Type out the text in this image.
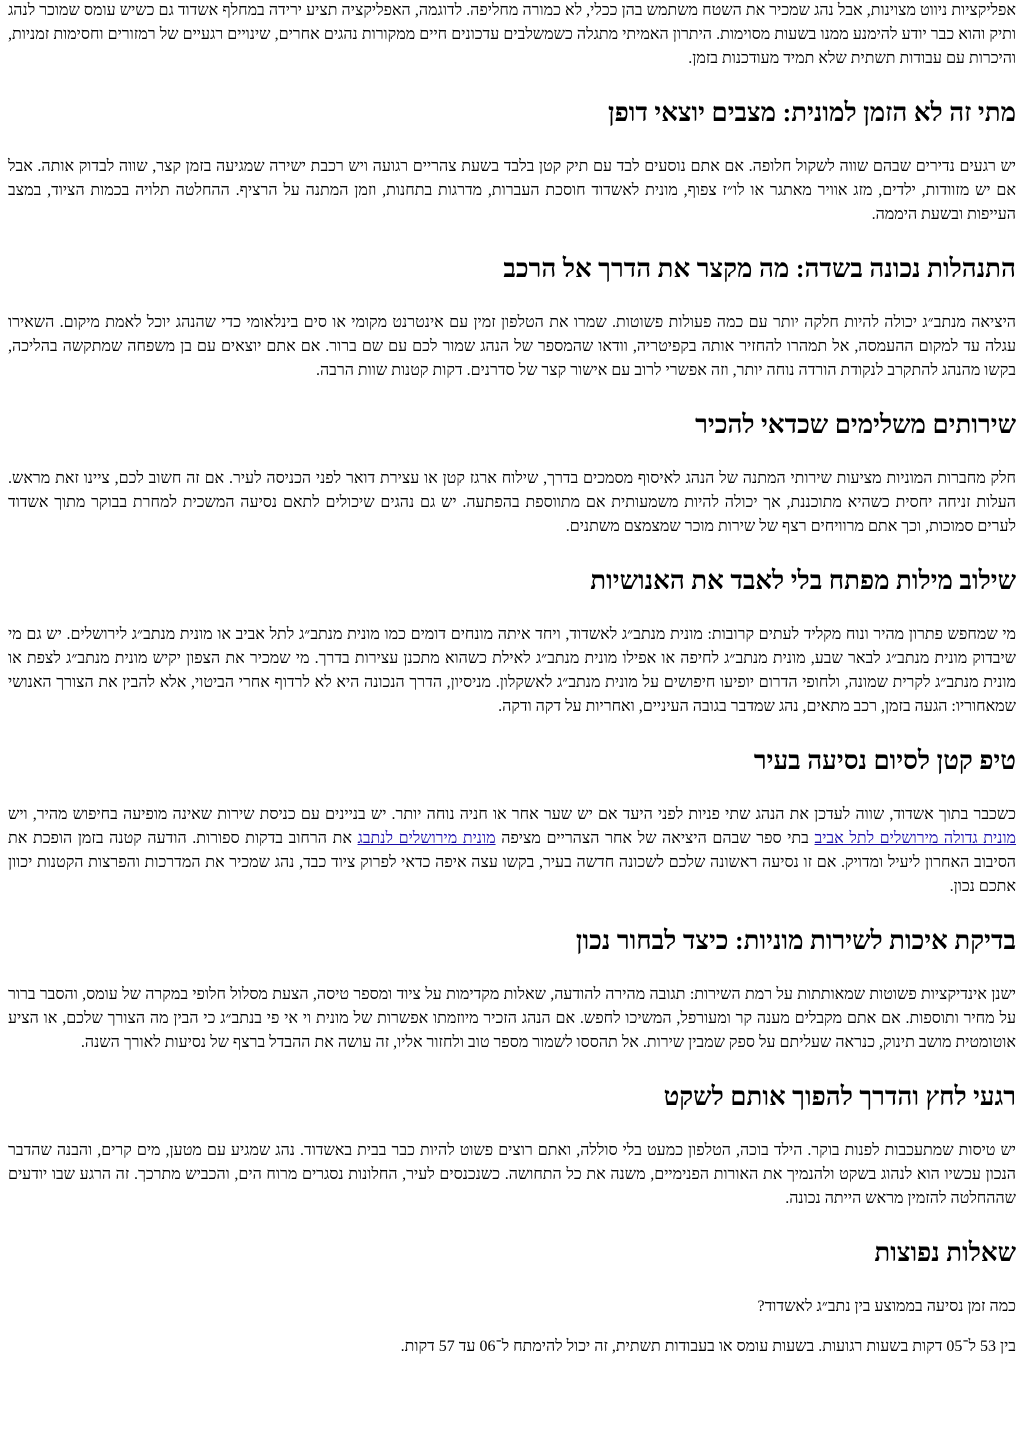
אפליקציות ניווט מצוינות, אבל נהג שמכיר את השטח משתמש בהן ככלי, לא כמורה מחליפה. לדוגמה, האפליקציה תציע ירידה במחלף אשדוד גם כשיש עומס שמוכר לנהג ותיק והוא כבר יודע להימנע ממנו בשעות מסוימות. היתרון האמיתי מתגלה כשמשלבים עדכונים חיים ממקורות נהגים אחרים, שינויים רגעיים של רמזורים וחסימות זמניות, והיכרות עם עבודות תשתית שלא תמיד מעודכנות בזמן.

מתי זה לא הזמן למונית: מצבים יוצאי דופן

יש רגעים נדירים שבהם שווה לשקול חלופה. אם אתם נוסעים לבד עם תיק קטן בלבד בשעת צהריים רגועה ויש רכבת ישירה שמגיעה בזמן קצר, שווה לבדוק אותה. אבל אם יש מזוודות, ילדים, מזג אוויר מאתגר או לו״ז צפוף, מונית לאשדוד חוסכת העברות, מדרגות בתחנות, וזמן המתנה על הרציף. ההחלטה תלויה בכמות הציוד, במצב העייפות ובשעת היממה.

התנהלות נכונה בשדה: מה מקצר את הדרך אל הרכב

היציאה מנתב״ג יכולה להיות חלקה יותר עם כמה פעולות פשוטות. שמרו את הטלפון זמין עם אינטרנט מקומי או סים בינלאומי כדי שהנהג יוכל לאמת מיקום. השאירו עגלה עד למקום ההעמסה, אל תמהרו להחזיר אותה בקפיטריה, וודאו שהמספר של הנהג שמור לכם עם שם ברור. אם אתם יוצאים עם בן משפחה שמתקשה בהליכה, בקשו מהנהג להתקרב לנקודת הורדה נוחה יותר, וזה אפשרי לרוב עם אישור קצר של סדרנים. דקות קטנות שוות הרבה.

שירותים משלימים שכדאי להכיר

חלק מחברות המוניות מציעות שירותי המתנה של הנהג לאיסוף מסמכים בדרך, שילוח ארגז קטן או עצירת דואר לפני הכניסה לעיר. אם זה חשוב לכם, ציינו זאת מראש. העלות זניחה יחסית כשהיא מתוכננת, אך יכולה להיות משמעותית אם מתווספת בהפתעה. יש גם נהגים שיכולים לתאם נסיעה המשכית למחרת בבוקר מתוך אשדוד לערים סמוכות, וכך אתם מרוויחים רצף של שירות מוכר שמצמצם משתנים.

שילוב מילות מפתח בלי לאבד את האנושיות

מי שמחפש פתרון מהיר ונוח מקליד לעתים קרובות: מונית מנתב״ג לאשדוד, ויחד איתה מונחים דומים כמו מונית מנתב״ג לתל אביב או מונית מנתב״ג לירושלים. יש גם מי שיבדוק מונית מנתב״ג לבאר שבע, מונית מנתב״ג לחיפה או אפילו מונית מנתב״ג לאילת כשהוא מתכנן עצירות בדרך. מי שמכיר את הצפון יקיש מונית מנתב״ג לצפת או מונית מנתב״ג לקרית שמונה, ולחופי הדרום יופיעו חיפושים על מונית מנתב״ג לאשקלון. מניסיון, הדרך הנכונה היא לא לרדוף אחרי הביטוי, אלא להבין את הצורך האנושי שמאחוריו: הגעה בזמן, רכב מתאים, נהג שמדבר בגובה העיניים, ואחריות על דקה ודקה.

טיפ קטן לסיום נסיעה בעיר

כשכבר בתוך אשדוד, שווה לעדכן את הנהג שתי פניות לפני היעד אם יש שער אחר או חניה נוחה יותר. יש בניינים עם כניסת שירות שאינה מופיעה בחיפוש מהיר, ויש מונית גדולה מירושלים לתל אביב בתי ספר שבהם היציאה של אחר הצהריים מציפה מונית מירושלים לנתבג את הרחוב בדקות ספורות. הודעה קטנה בזמן הופכת את הסיבוב האחרון ליעיל ומדויק. אם זו נסיעה ראשונה שלכם לשכונה חדשה בעיר, בקשו עצה איפה כדאי לפרוק ציוד כבד, נהג שמכיר את המדרכות והפרצות הקטנות יכוון אתכם נכון.

בדיקת איכות לשירות מוניות: כיצד לבחור נכון

ישנן אינדיקציות פשוטות שמאותתות על רמת השירות: תגובה מהירה להודעה, שאלות מקדימות על ציוד ומספר טיסה, הצעת מסלול חלופי במקרה של עומס, והסבר ברור על מחיר ותוספות. אם אתם מקבלים מענה קר ומעורפל, המשיכו לחפש. אם הנהג הזכיר מיוזמתו אפשרות של מונית וי אי פי בנתב״ג כי הבין מה הצורך שלכם, או הציע אוטומטית מושב תינוק, כנראה שעליתם על ספק שמבין שירות. אל תהססו לשמור מספר טוב ולחזור אליו, זה עושה את ההבדל ברצף של נסיעות לאורך השנה.

רגעי לחץ והדרך להפוך אותם לשקט

יש טיסות שמתעכבות לפנות בוקר. הילד בוכה, הטלפון כמעט בלי סוללה, ואתם רוצים פשוט להיות כבר בבית באשדוד. נהג שמגיע עם מטען, מים קרים, והבנה שהדבר הנכון עכשיו הוא לנהוג בשקט ולהנמיך את האורות הפנימיים, משנה את כל התחושה. כשנכנסים לעיר, החלונות נסגרים מרוח הים, והכביש מתרכך. זה הרגע שבו יודעים שההחלטה להזמין מראש הייתה נכונה.

שאלות נפוצות

כמה זמן נסיעה בממוצע בין נתב״ג לאשדוד?

בין 53 ל־05 דקות בשעות רגועות. בשעות עומס או בעבודות תשתית, זה יכול להימתח ל־06 עד 57 דקות.
